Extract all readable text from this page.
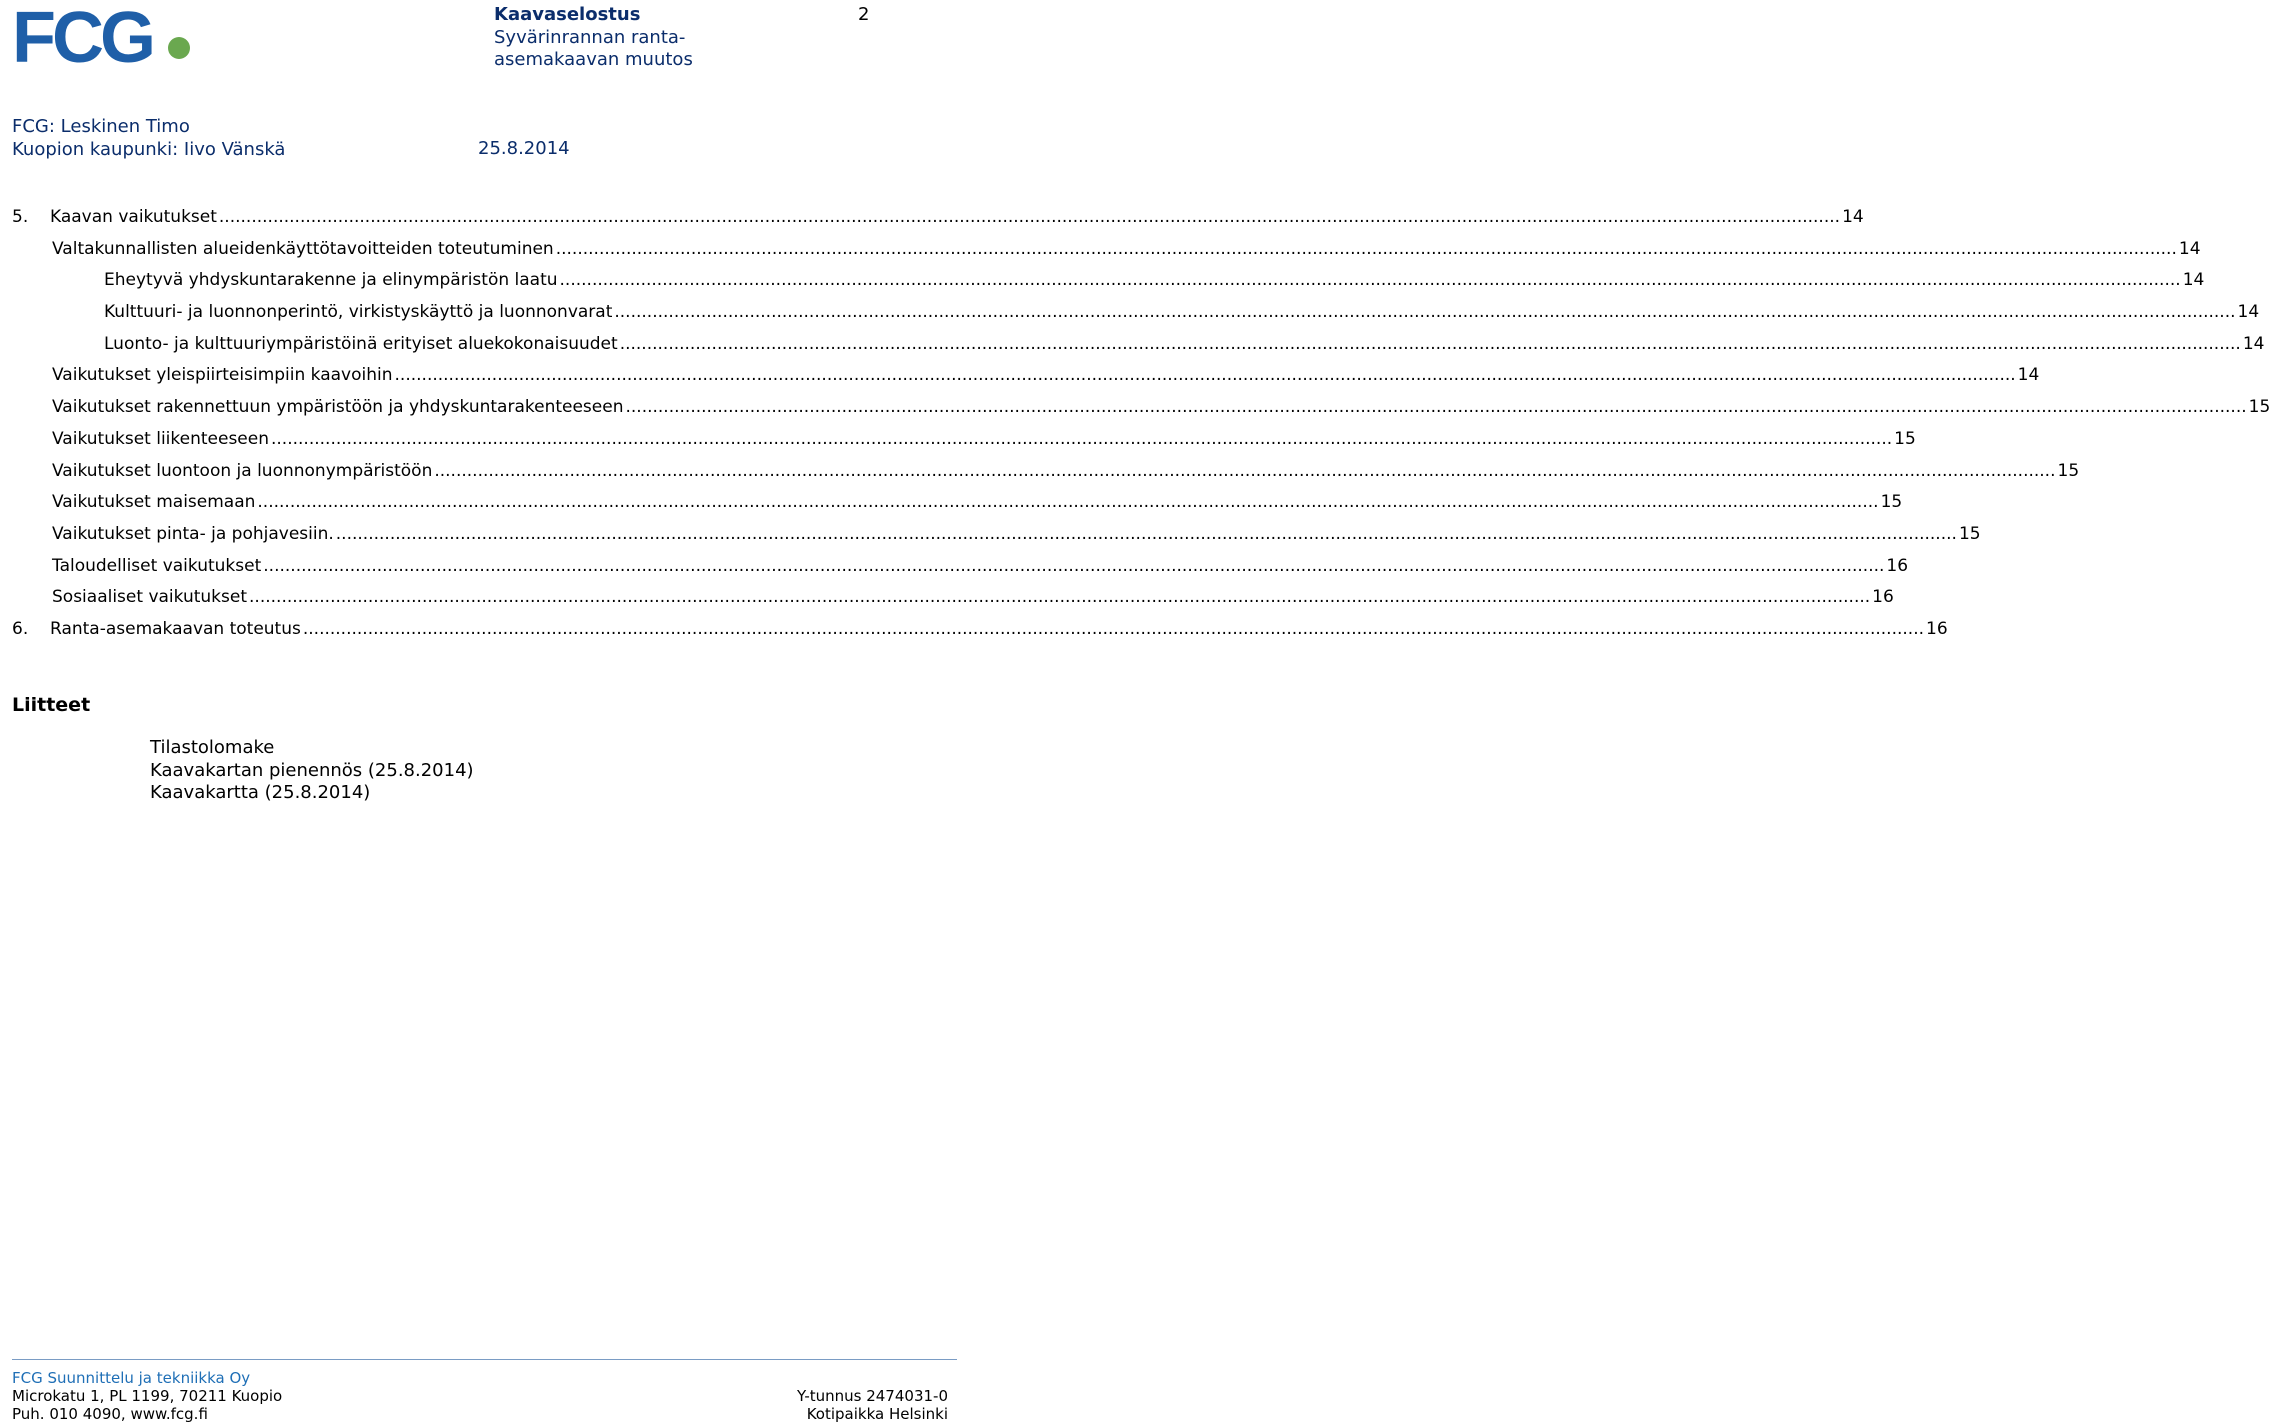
FCG	Kaavaselostus
Syvärinrannan ranta-
asemakaavan muutos
2
FCG: Leskinen Timo
Kuopion kaupunki: Iivo Vänskä	25.8.2014
5.	Kaavan vaikutukset ............................................................................................................................................................................................................................................................................................................ 14
Valtakunnallisten alueidenkäyttötavoitteiden toteutuminen ............................................................................................................................................................................................................................................................................................................ 14
Eheytyvä yhdyskuntarakenne ja elinympäristön laatu ............................................................................................................................................................................................................................................................................................................ 14
Kulttuuri- ja luonnonperintö, virkistyskäyttö ja luonnonvarat ............................................................................................................................................................................................................................................................................................................ 14
Luonto- ja kulttuuriympäristöinä erityiset aluekokonaisuudet ............................................................................................................................................................................................................................................................................................................ 14
Vaikutukset yleispiirteisimpiin kaavoihin ............................................................................................................................................................................................................................................................................................................ 14
Vaikutukset rakennettuun ympäristöön ja yhdyskuntarakenteeseen ............................................................................................................................................................................................................................................................................................................ 15
Vaikutukset liikenteeseen ............................................................................................................................................................................................................................................................................................................ 15
Vaikutukset luontoon ja luonnonympäristöön ............................................................................................................................................................................................................................................................................................................ 15
Vaikutukset maisemaan ............................................................................................................................................................................................................................................................................................................ 15
Vaikutukset pinta- ja pohjavesiin. ............................................................................................................................................................................................................................................................................................................ 15
Taloudelliset vaikutukset ............................................................................................................................................................................................................................................................................................................ 16
Sosiaaliset vaikutukset ............................................................................................................................................................................................................................................................................................................ 16
6.	Ranta-asemakaavan toteutus ............................................................................................................................................................................................................................................................................................................ 16
Liitteet
Tilastolomake
Kaavakartan pienennös (25.8.2014)
Kaavakartta (25.8.2014)
FCG Suunnittelu ja tekniikka Oy
Microkatu 1, PL 1199, 70211 Kuopio
Puh. 010 4090, www.fcg.fi
Y-tunnus 2474031-0
Kotipaikka Helsinki
